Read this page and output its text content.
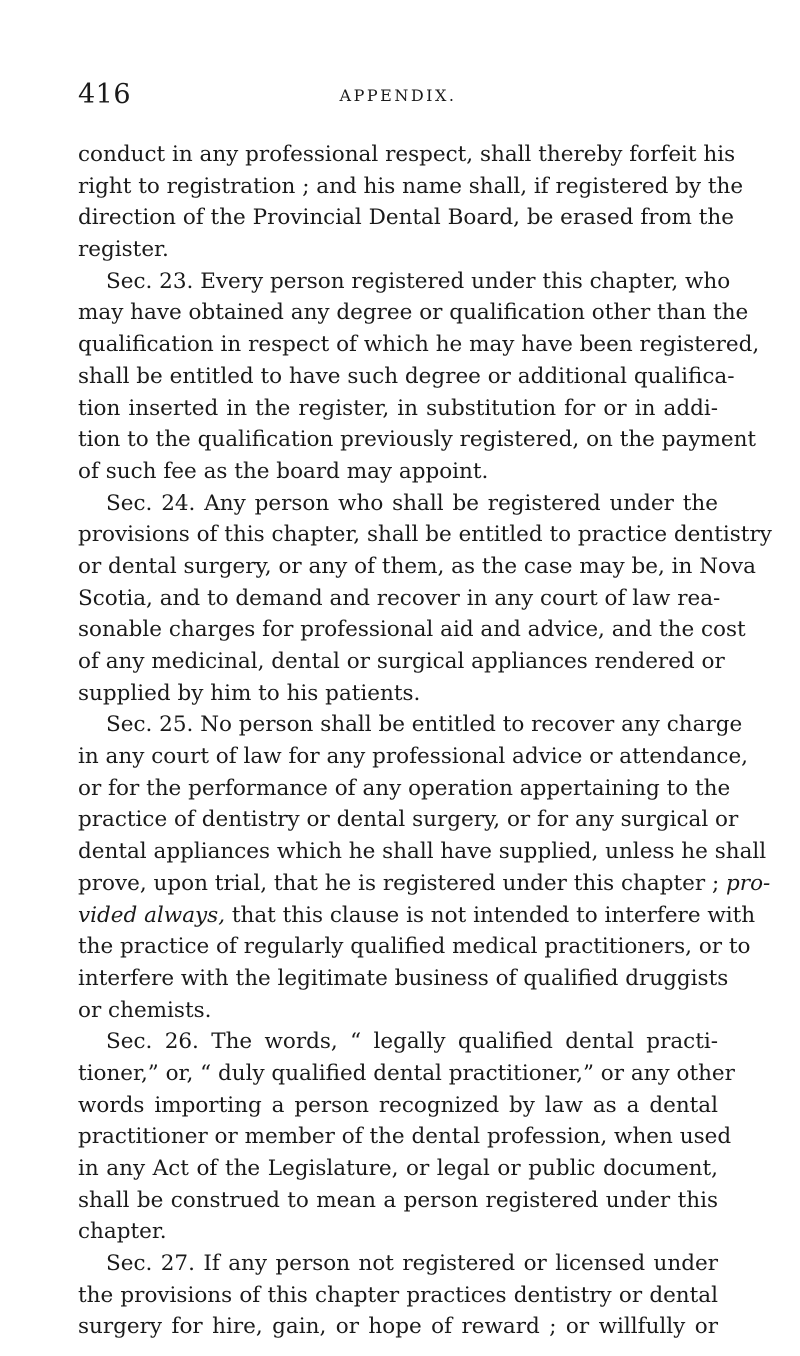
416	APPENDIX.
conduct in any professional respect, shall thereby forfeit his
right to registration ; and his name shall, if registered by the
direction of the Provincial Dental Board, be erased from the
register.
Sec. 23. Every person registered under this chapter, who
may have obtained any degree or qualification other than the
qualification in respect of which he may have been registered,
shall be entitled to have such degree or additional qualifica-
tion inserted in the register, in substitution for or in addi-
tion to the qualification previously registered, on the payment
of such fee as the board may appoint.
Sec. 24. Any person who shall be registered under the
provisions of this chapter, shall be entitled to practice dentistry
or dental surgery, or any of them, as the case may be, in Nova
Scotia, and to demand and recover in any court of law rea-
sonable charges for professional aid and advice, and the cost
of any medicinal, dental or surgical appliances rendered or
supplied by him to his patients.
Sec. 25. No person shall be entitled to recover any charge
in any court of law for any professional advice or attendance,
or for the performance of any operation appertaining to the
practice of dentistry or dental surgery, or for any surgical or
dental appliances which he shall have supplied, unless he shall
prove, upon trial, that he is registered under this chapter ; pro-
vided always, that this clause is not intended to interfere with
the practice of regularly qualified medical practitioners, or to
interfere with the legitimate business of qualified druggists
or chemists.
Sec. 26. The words, “ legally qualified dental practi-
tioner,” or, “ duly qualified dental practitioner,” or any other
words importing a person recognized by law as a dental
practitioner or member of the dental profession, when used
in any Act of the Legislature, or legal or public document,
shall be construed to mean a person registered under this
chapter.
Sec. 27. If any person not registered or licensed under
the provisions of this chapter practices dentistry or dental
surgery for hire, gain, or hope of reward ; or willfully or
